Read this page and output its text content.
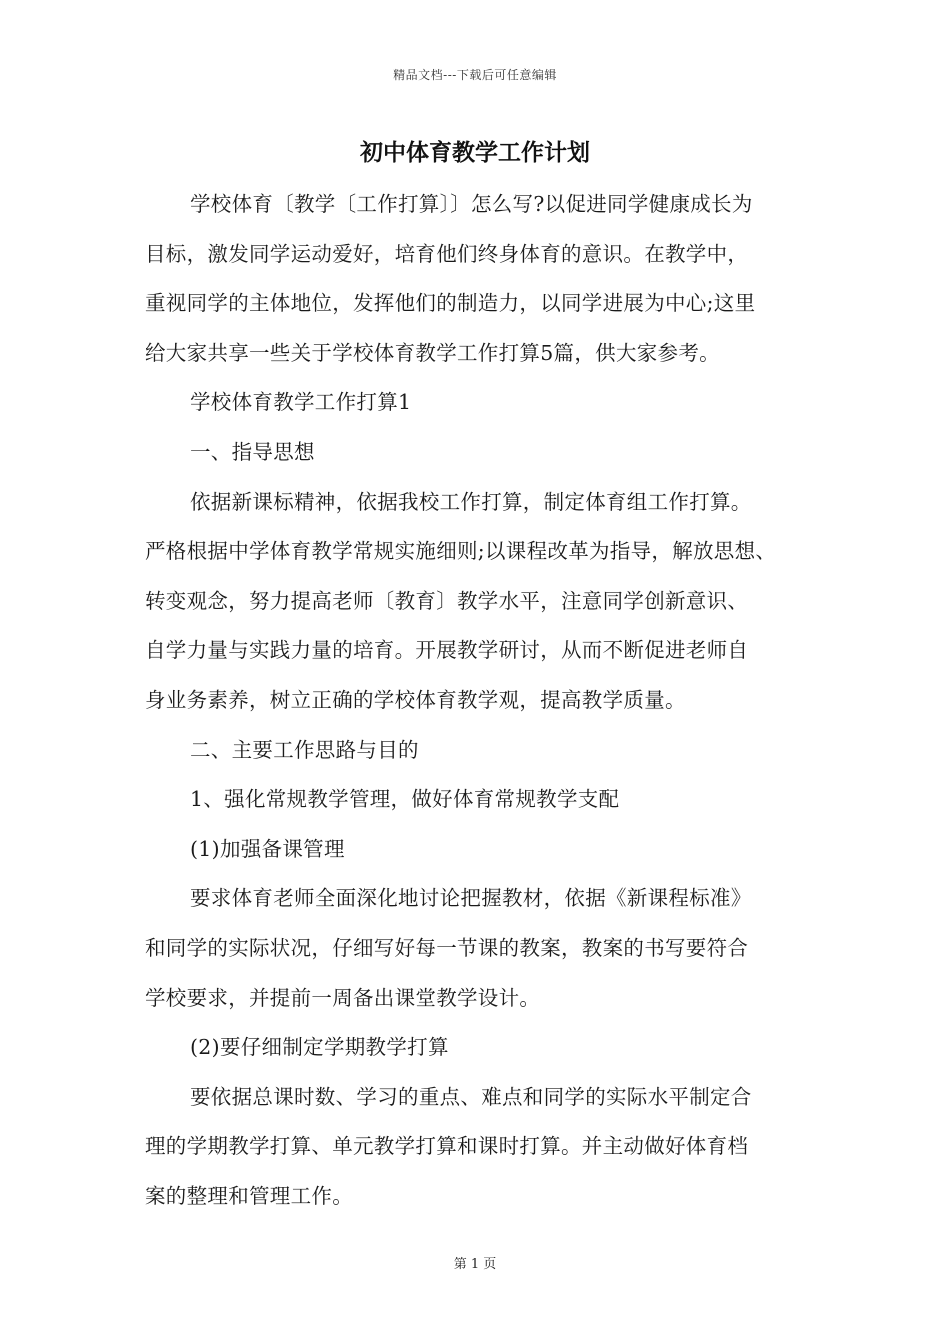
精品文档---下载后可任意编辑
初中体育教学工作计划
学校体育〔教学〔工作打算〕〕怎么写?以促进同学健康成长为
目标，激发同学运动爱好，培育他们终身体育的意识。在教学中，
重视同学的主体地位，发挥他们的制造力，以同学进展为中心;这里
给大家共享一些关于学校体育教学工作打算5篇，供大家参考。
学校体育教学工作打算1
一、指导思想
依据新课标精神，依据我校工作打算，制定体育组工作打算。
严格根据中学体育教学常规实施细则;以课程改革为指导，解放思想、
转变观念，努力提高老师〔教育〕教学水平，注意同学创新意识、
自学力量与实践力量的培育。开展教学研讨，从而不断促进老师自
身业务素养，树立正确的学校体育教学观，提高教学质量。
二、主要工作思路与目的
1、强化常规教学管理，做好体育常规教学支配
(1)加强备课管理
要求体育老师全面深化地讨论把握教材，依据《新课程标准》
和同学的实际状况，仔细写好每一节课的教案，教案的书写要符合
学校要求，并提前一周备出课堂教学设计。
(2)要仔细制定学期教学打算
要依据总课时数、学习的重点、难点和同学的实际水平制定合
理的学期教学打算、单元教学打算和课时打算。并主动做好体育档
案的整理和管理工作。
第 1 页
